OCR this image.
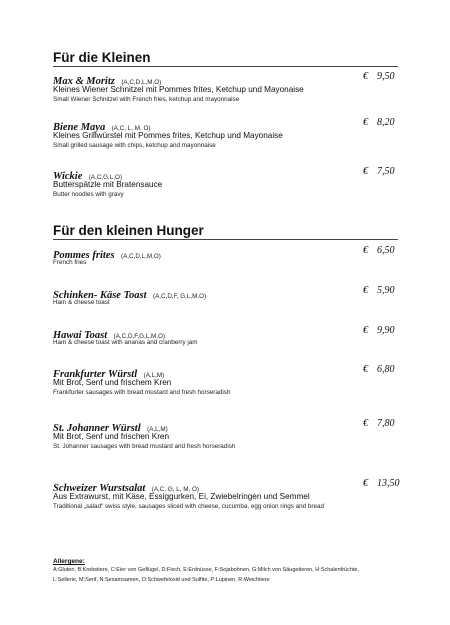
Für die Kleinen
Max & Moritz (A,C,D,L,M,O)
€ 9,50
Kleines Wiener Schnitzel mit Pommes frites, Ketchup und Mayonaise
Small Wiener Schnitzel with French fries, ketchup and mayonnaise
Biene Maya (A,C, L, M, O)
€ 8,20
Kleines Grillwürstel mit Pommes frites, Ketchup und Mayonaise
Small grilled sausage with chips, ketchup and mayonnaise
Wickie (A,C,G,L,O)
€ 7,50
Butterspätzle mit Bratensauce
Butter noodles with gravy
Für den kleinen Hunger
Pommes frites (A,C,D,L,M,O)
€ 6,50
French fries
Schinken- Käse Toast (A,C,D,F, G,L,M,O)
€ 5,90
Ham & cheese toast
Hawai Toast (A,C,D,F,G,L,M,O)
€ 9,90
Ham & cheese toast with ananas and cranberry jam
Frankfurter Würstl (A,L,M)
€ 6,80
Mit Brot, Senf und frischem Kren
Frankfurter sausages with bread mustard and fresh horseradish
St. Johanner Würstl (A,L,M)
€ 7,80
Mit Brot, Senf und frischen Kren
St. Johanner sausages with bread mustard and fresh horseradish
Schweizer Wurstsalat (A,C, G, L, M, O)
€ 13,50
Aus Extrawurst, mit Käse, Essiggurken, Ei, Zwiebelringen und Semmel
Traditional „salad“ swiss style, sausages sliced with cheese, cucumba, egg onion rings and bread
Allergene:
A:Gluten, B:Krebstiere, C:Eier von Geflügel, D:Fisch, E:Erdnüsse, F:Sojabohnen, G:Milch von Säugetieren, H:Schalenfrüchte,
L:Sellerie, M:Senf, N:Sesamsamen, O:Schwefeloxid und Sulfite, P:Lupinen, R:Weichtiere
